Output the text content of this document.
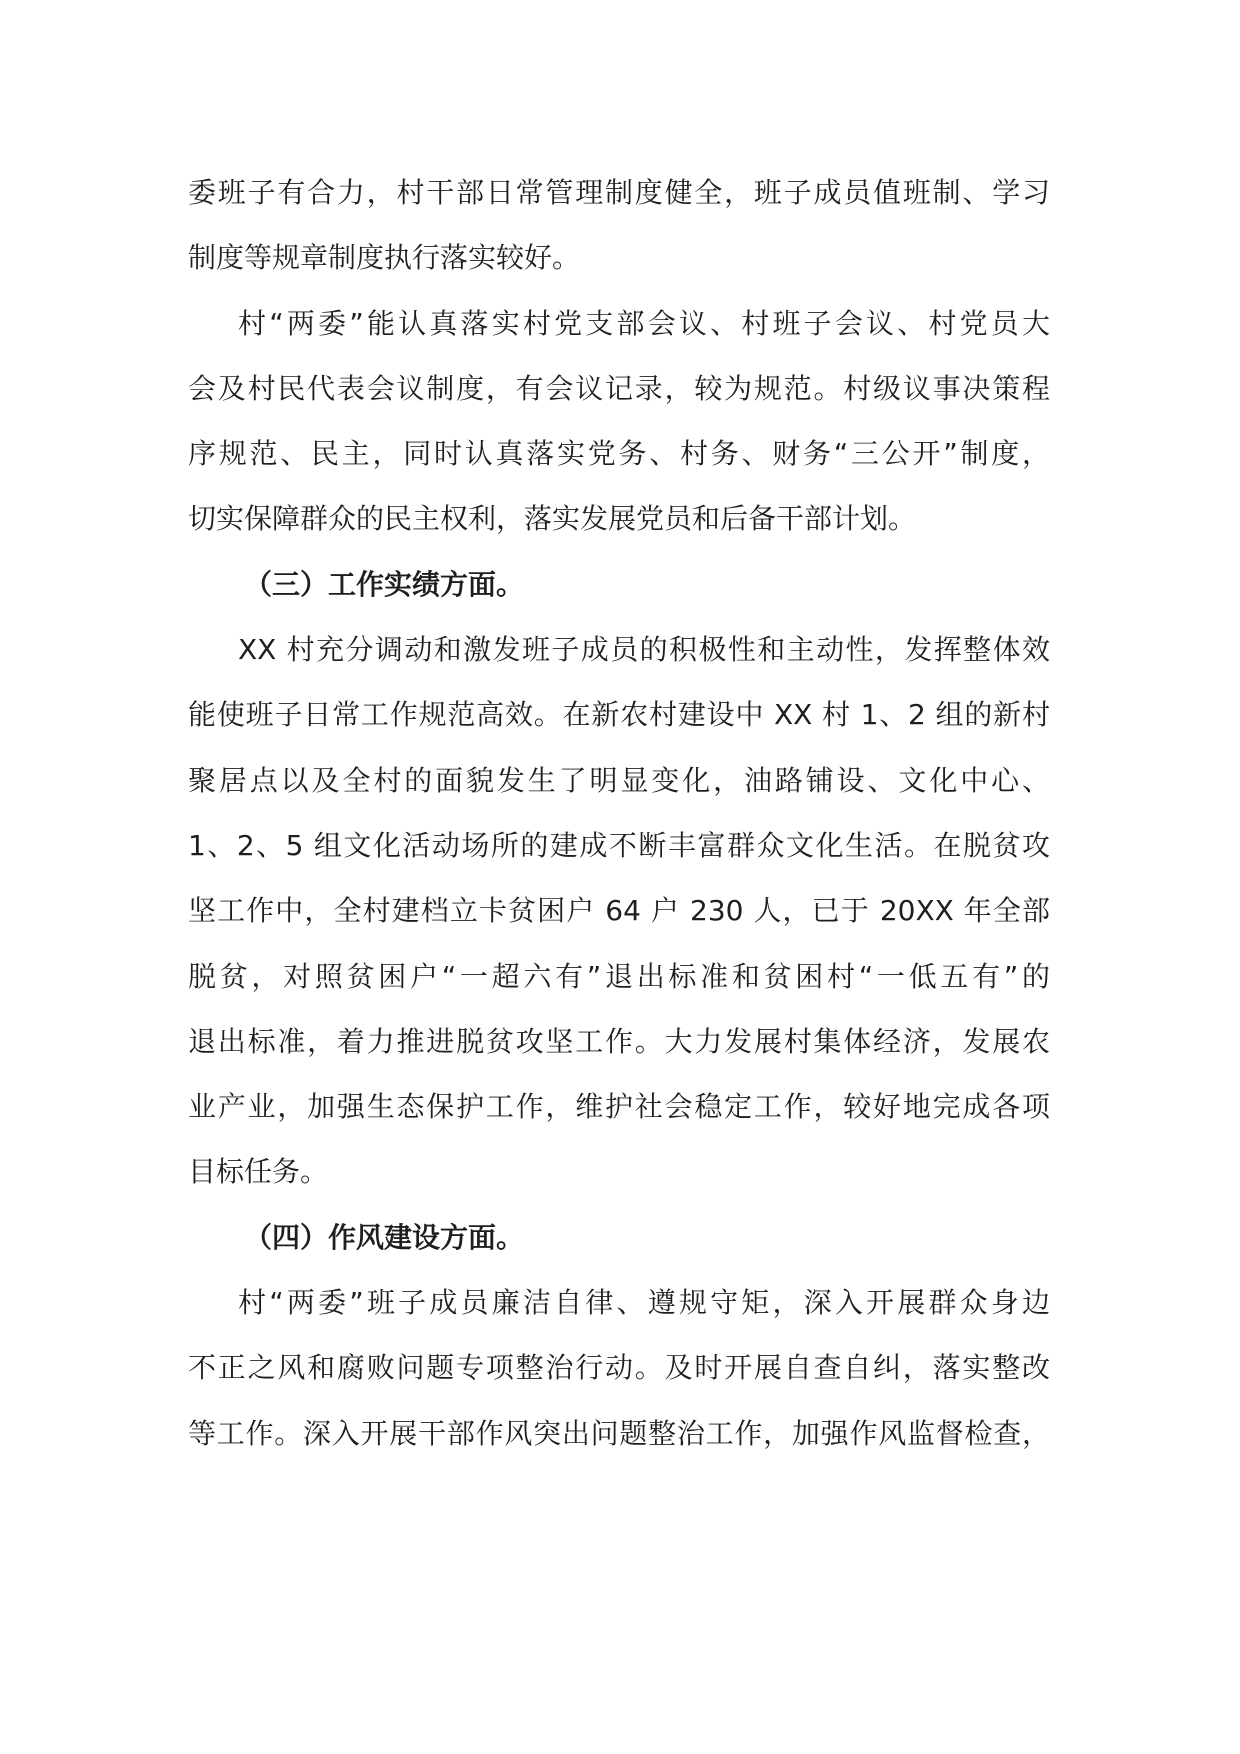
委班子有合力，村干部日常管理制度健全，班子成员值班制、学习
制度等规章制度执行落实较好。
村“两委”能认真落实村党支部会议、村班子会议、村党员大
会及村民代表会议制度，有会议记录，较为规范。村级议事决策程
序规范、民主，同时认真落实党务、村务、财务“三公开”制度，
切实保障群众的民主权利，落实发展党员和后备干部计划。
（三）工作实绩方面。
XX 村充分调动和激发班子成员的积极性和主动性，发挥整体效
能使班子日常工作规范高效。在新农村建设中 XX 村 1、2 组的新村
聚居点以及全村的面貌发生了明显变化，油路铺设、文化中心、
1、2、5 组文化活动场所的建成不断丰富群众文化生活。在脱贫攻
坚工作中，全村建档立卡贫困户 64 户 230 人，已于 20XX 年全部
脱贫，对照贫困户“一超六有”退出标准和贫困村“一低五有”的
退出标准，着力推进脱贫攻坚工作。大力发展村集体经济，发展农
业产业，加强生态保护工作，维护社会稳定工作，较好地完成各项
目标任务。
（四）作风建设方面。
村“两委”班子成员廉洁自律、遵规守矩，深入开展群众身边
不正之风和腐败问题专项整治行动。及时开展自查自纠，落实整改
等工作。深入开展干部作风突出问题整治工作，加强作风监督检查，
